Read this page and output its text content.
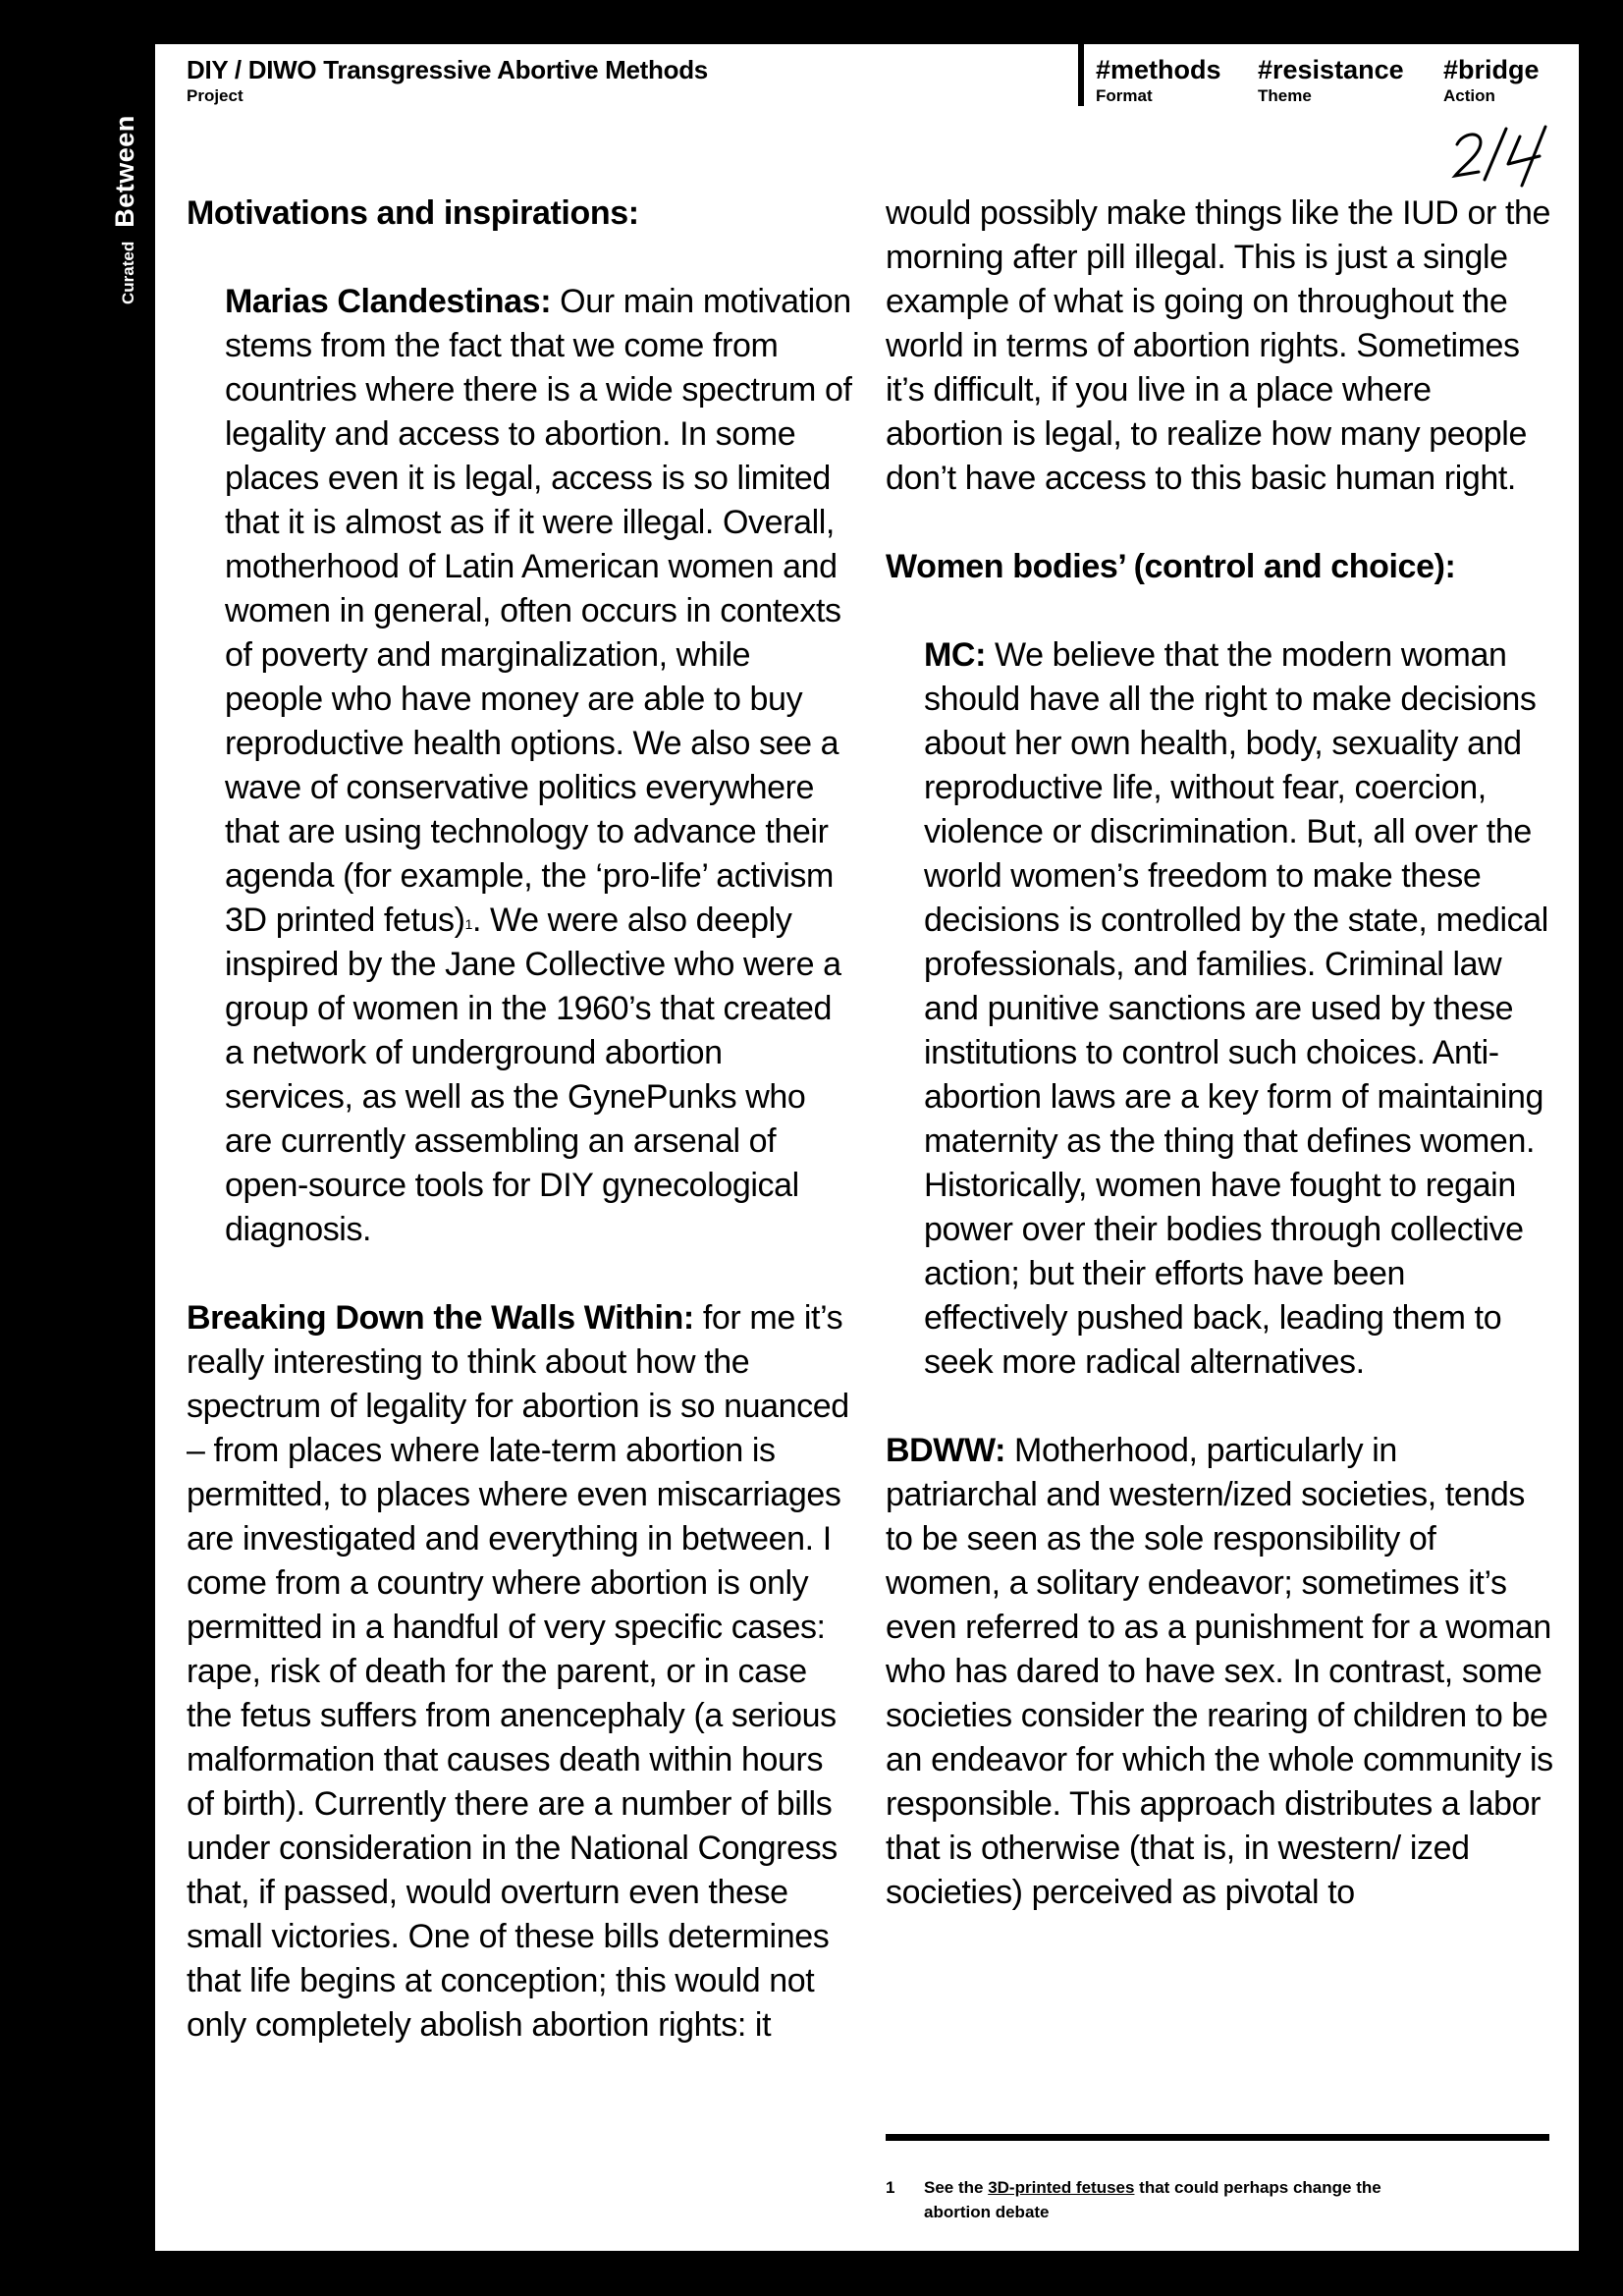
Curated
Between
DIY / DIWO Transgressive Abortive Methods
Project
#methods
Format
#resistance
Theme
#bridge
Action

Motivations and inspirations:

Marias Clandestinas: Our main motivation stems from the fact that we come from countries where there is a wide spectrum of legality and access to abortion. In some places even it is legal, access is so limited that it is almost as if it were illegal. Overall, motherhood of Latin American women and women in general, often occurs in contexts of poverty and marginalization, while people who have money are able to buy reproductive health options. We also see a wave of conservative politics everywhere that are using technology to advance their agenda (for example, the ‘pro-life’ activism 3D printed fetus)$^1$. We were also deeply inspired by the Jane Collective who were a group of women in the 1960’s that created a network of underground abortion services, as well as the GynePunks who are currently assembling an arsenal of open-source tools for DIY gynecological diagnosis.

Breaking Down the Walls Within: for me it’s really interesting to think about how the spectrum of legality for abortion is so nuanced – from places where late-term abortion is permitted, to places where even miscarriages are investigated and everything in between. I come from a country where abortion is only permitted in a handful of very specific cases: rape, risk of death for the parent, or in case the fetus suffers from anencephaly (a serious malformation that causes death within hours of birth). Currently there are a number of bills under consideration in the National Congress that, if passed, would overturn even these small victories. One of these bills determines that life begins at conception; this would not only completely abolish abortion rights: it

would possibly make things like the IUD or the morning after pill illegal. This is just a single example of what is going on throughout the world in terms of abortion rights. Sometimes it’s difficult, if you live in a place where abortion is legal, to realize how many people don’t have access to this basic human right.

Women bodies’ (control and choice):

MC: We believe that the modern woman should have all the right to make decisions about her own health, body, sexuality and reproductive life, without fear, coercion, violence or discrimination. But, all over the world women’s freedom to make these decisions is controlled by the state, medical professionals, and families. Criminal law and punitive sanctions are used by these institutions to control such choices. Anti-abortion laws are a key form of maintaining maternity as the thing that defines women. Historically, women have fought to regain power over their bodies through collective action; but their efforts have been effectively pushed back, leading them to seek more radical alternatives.

BDWW: Motherhood, particularly in patriarchal and western/ized societies, tends to be seen as the sole responsibility of women, a solitary endeavor; sometimes it’s even referred to as a punishment for a woman who has dared to have sex. In contrast, some societies consider the rearing of children to be an endeavor for which the whole community is responsible. This approach distributes a labor that is otherwise (that is, in western/ ized societies) perceived as pivotal to

1	See the 3D-printed fetuses that could perhaps change the abortion debate
